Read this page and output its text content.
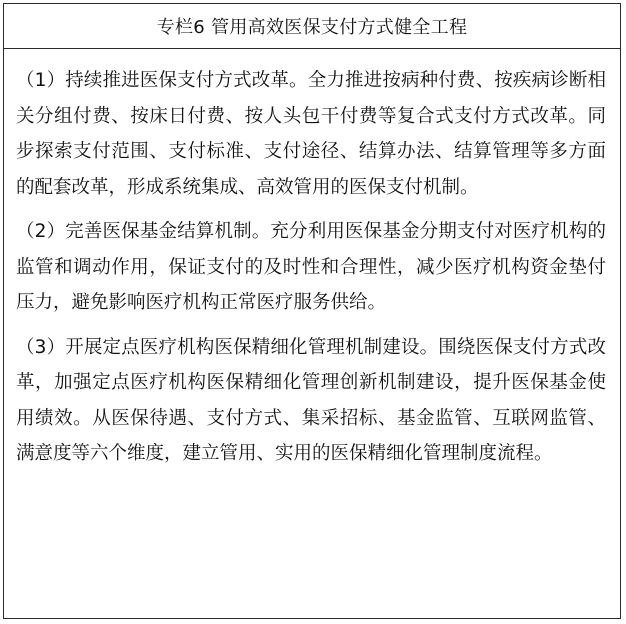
专栏6 管用高效医保支付方式健全工程

（1）持续推进医保支付方式改革。全力推进按病种付费、按疾病诊断相关分组付费、按床日付费、按人头包干付费等复合式支付方式改革。同步探索支付范围、支付标准、支付途径、结算办法、结算管理等多方面的配套改革，形成系统集成、高效管用的医保支付机制。

（2）完善医保基金结算机制。充分利用医保基金分期支付对医疗机构的监管和调动作用，保证支付的及时性和合理性，减少医疗机构资金垫付压力，避免影响医疗机构正常医疗服务供给。

（3）开展定点医疗机构医保精细化管理机制建设。围绕医保支付方式改革，加强定点医疗机构医保精细化管理创新机制建设，提升医保基金使用绩效。从医保待遇、支付方式、集采招标、基金监管、互联网监管、满意度等六个维度，建立管用、实用的医保精细化管理制度流程。
